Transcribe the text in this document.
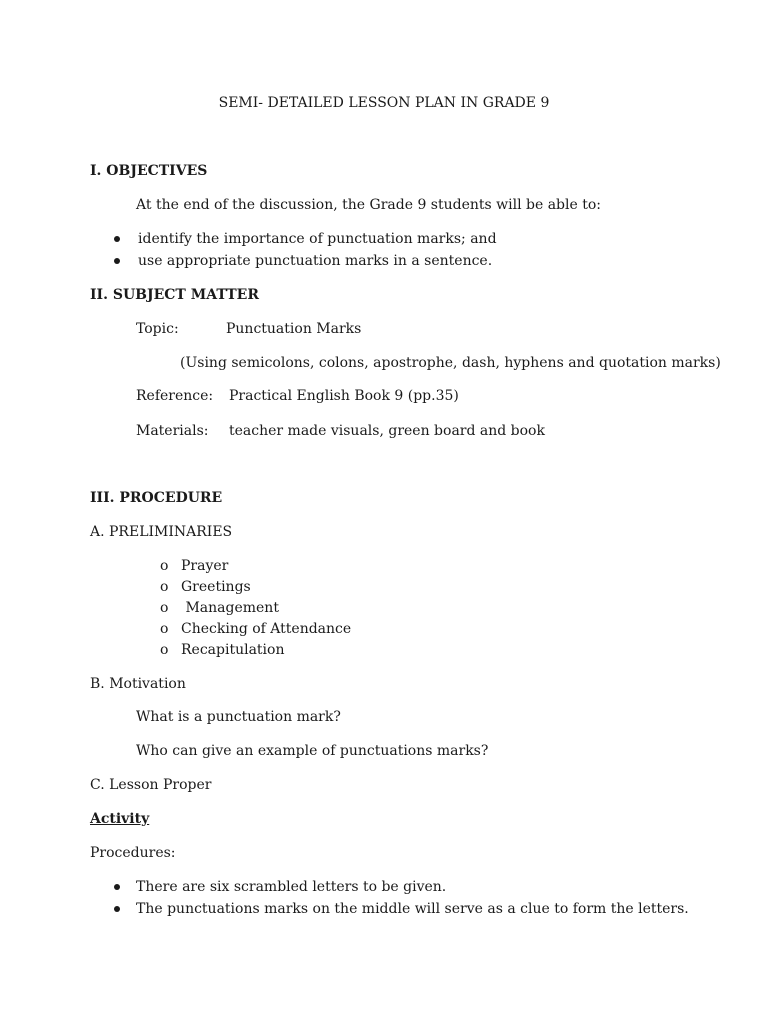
SEMI- DETAILED LESSON PLAN IN GRADE 9
I. OBJECTIVES
At the end of the discussion, the Grade 9 students will be able to:
identify the importance of punctuation marks; and
use appropriate punctuation marks in a sentence.
II. SUBJECT MATTER
Topic:	Punctuation Marks
(Using semicolons, colons, apostrophe, dash, hyphens and quotation marks)
Reference: Practical English Book 9 (pp.35)
Materials: teacher made visuals, green board and book
III. PROCEDURE
A. PRELIMINARIES
o Prayer
o Greetings
o Management
o Checking of Attendance
o Recapitulation
B. Motivation
What is a punctuation mark?
Who can give an example of punctuations marks?
C. Lesson Proper
Activity
Procedures:
There are six scrambled letters to be given.
The punctuations marks on the middle will serve as a clue to form the letters.
